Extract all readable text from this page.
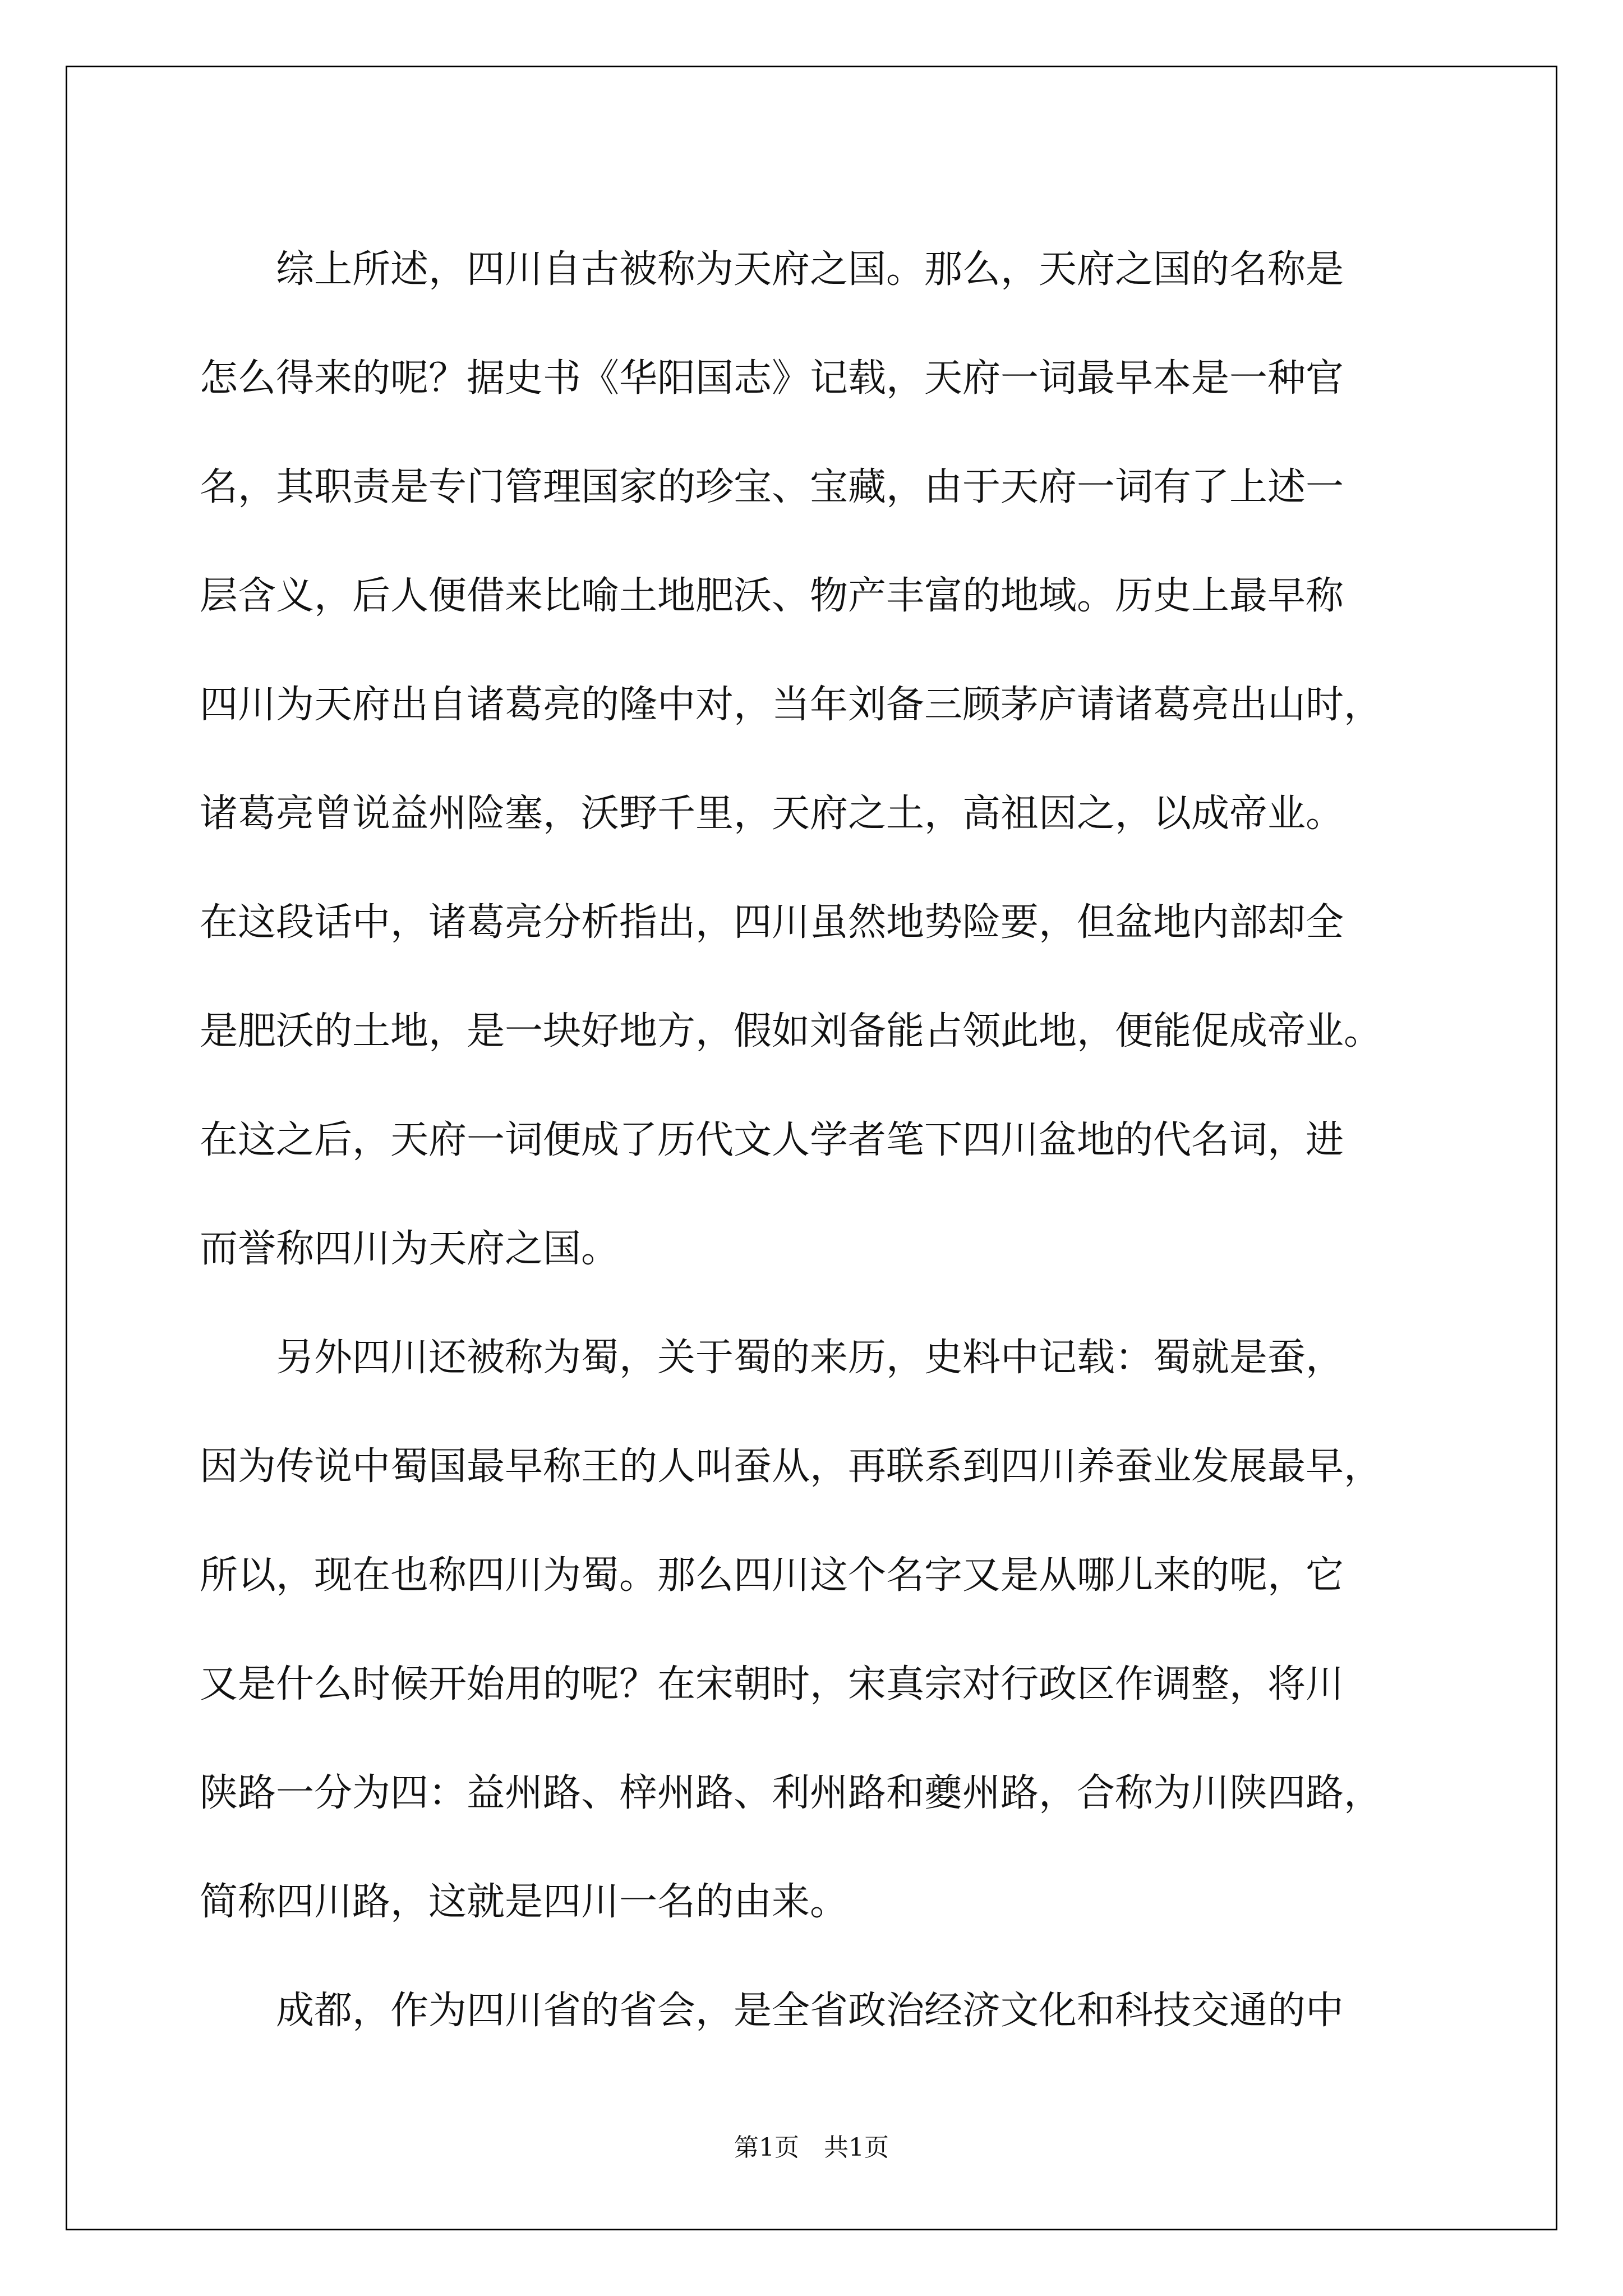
　　综上所述，四川自古被称为天府之国。那么，天府之国的名称是
怎么得来的呢？据史书《华阳国志》记载，天府一词最早本是一种官
名，其职责是专门管理国家的珍宝、宝藏，由于天府一词有了上述一
层含义，后人便借来比喻土地肥沃、物产丰富的地域。历史上最早称
四川为天府出自诸葛亮的隆中对，当年刘备三顾茅庐请诸葛亮出山时，
诸葛亮曾说益州险塞，沃野千里，天府之土，高祖因之，以成帝业。
在这段话中，诸葛亮分析指出，四川虽然地势险要，但盆地内部却全
是肥沃的土地，是一块好地方，假如刘备能占领此地，便能促成帝业。
在这之后，天府一词便成了历代文人学者笔下四川盆地的代名词，进
而誉称四川为天府之国。
　　另外四川还被称为蜀，关于蜀的来历，史料中记载：蜀就是蚕，
因为传说中蜀国最早称王的人叫蚕从，再联系到四川养蚕业发展最早，
所以，现在也称四川为蜀。那么四川这个名字又是从哪儿来的呢，它
又是什么时候开始用的呢？在宋朝时，宋真宗对行政区作调整，将川
陕路一分为四：益州路、梓州路、利州路和夔州路，合称为川陕四路，
简称四川路，这就是四川一名的由来。
　　成都，作为四川省的省会，是全省政治经济文化和科技交通的中
第1页　共1页
